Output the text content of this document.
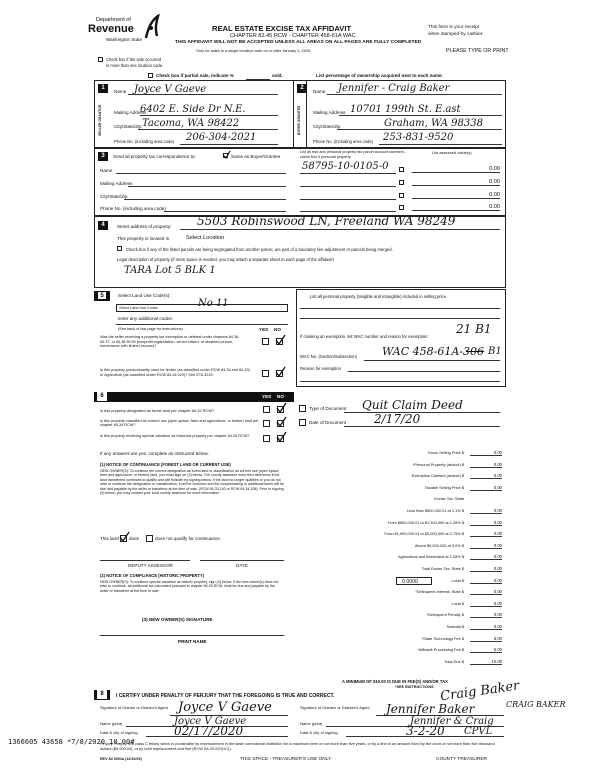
Department of
Revenue
Washington State
REAL ESTATE EXCISE TAX AFFIDAVIT
CHAPTER 82.45 RCW - CHAPTER 458-61A WAC
THIS AFFIDAVIT WILL NOT BE ACCEPTED UNLESS ALL AREAS ON ALL PAGES ARE FULLY COMPLETED
This form is your receipt
when stamped by cashier.
Only for sales in a single location code on or after January 1, 2020.	PLEASE TYPE OR PRINT
Check box if the sale occurred
in more than one location code.
Check box if partial sale, indicate %	sold.	List percentage of ownership acquired next to each name.
1
SELLER GRANTOR
2
BUYER GRANTEE
Name Joyce V Gaeve
Mailing Address
6402 E. Side Dr N.E.
City/State/Zip Tacoma, WA 98422
Phone No. (including area code) 206-304-2021
Name Jennifer - Craig Baker
Mailing Address 10701 199th St. E.ast
City/State/Zip	Graham, WA 98338
Phone No. (including area code) 253-831-9520
3	Send all property tax correspondence to:	Same as Buyer/Grantee
List all real and personal property tax parcel account numbers - check box if personal property
List assessed value(s)
Name
Mailing Address
City/State/Zip
Phone No. (including area code)
58795-10-0105-0	0.00
0.00
0.00
0.00
4	Street address of property: 5503 Robinswood LN, Freeland WA 98249
This property is located in	Select Location
Check box if any of the listed parcels are being segregated from another parcel, are part of a boundary line adjustment or parcels being merged.
Legal description of property (if more space is needed, you may attach a separate sheet to each page of the affidavit)
TARA Lot 5 BLK 1
5	Select Land Use Code(s):
Select Land Use Codes	No 11
enter any additional codes:
(See back of last page for instructions)	YES NO
Was the seller receiving a property tax exemption or deferral under chapters 84.36, 84.37, or 84.38 RCW (nonprofit organization, senior citizen, or disabled person, homeowner with limited income)?
Is this property predominantly used for timber (as classified under RCW 84.34 and 84.33) or agriculture (as classified under RCW 84.34.020)? See ETA 3215
List all personal property (tangible and intangible) included in selling price.
If claiming an exemption, list WAC number and reason for exemption:
21 B1
WAC No. (Section/Subsection) WAC 458-61A-306 B1
Reason for exemption
6	YES NO
Is this property designated as forest land per chapter 84.33 RCW?
Is this property classified as current use (open space, farm and agricultural, or timber) land per chapter 84.34 RCW?
Is this property receiving special valuation as historical property per chapter 84.26 RCW?
If any answers are yes, complete as instructed below.
(1) NOTICE OF CONTINUANCE (FOREST LAND OR CURRENT USE)
NEW OWNER(S): To continue the current designation as forest land or classification as current use (open space, farm and agriculture, or timber) land, you must sign on (3) below. The county assessor must then determine if the land transferred continues to qualify and will indicate by signing below. If the land no longer qualifies or you do not wish to continue the designation or classification, it will be removed and the compensating or additional taxes will be due and payable by the seller or transferor at the time of sale. (RCW 84.33.140 or RCW 84.34.108). Prior to signing (3) below, you may contact your local county assessor for more information.
This land does	does not qualify for continuance.
DEPUTY ASSESSOR	DATE
(2) NOTICE OF COMPLIANCE (HISTORIC PROPERTY)
NEW OWNER(S): To continue special valuation as historic property, sign (3) below. If the new owner(s) does not wish to continue, all additional tax calculated pursuant to chapter 84.26 RCW, shall be due and payable by the seller or transferor at the time of sale.
(3) NEW OWNER(S) SIGNATURE
PRINT NAME
Type of Document Quit Claim Deed
Date of Document 2/17/20
Gross Selling Price $	0.00
*Personal Property (deduct) $	0.00
Exemption Claimed (deduct) $	0.00
Taxable Selling Price $	0.00
Excise Tax: State
Less than $500,000.01 at 1.1% $	0.00
From $500,000.01 to $1,500,000 at 1.28% $	0.00
From $1,500,000.01 to $3,000,000 at 2.75% $	0.00
Above $3,000,000 at 3.0% $	0.00
Agricultural and timberland at 1.28% $	0.00
Total Excise Tax: State $	0.00
Local $	0.00
*Delinquent Interest: State $	0.00
Local $	0.00
*Delinquent Penalty $	0.00
Subtotal $	0.00
*State Technology Fee $	5.00
*Affidavit Processing Fee $	5.00
Total Due $	10.00
0.0000
A MINIMUM OF $10.00 IS DUE IN FEE(S) AND/OR TAX
*SEE INSTRUCTIONS
8	I CERTIFY UNDER PENALTY OF PERJURY THAT THE FOREGOING IS TRUE AND CORRECT.
Signature of Grantor or Grantor's Agent Joyce V Gaeve
Name (print)	Joyce V Gaeve
Date & city of signing	02/17/2020
Signature of Grantee or Grantee's Agent	Jennifer Baker
Name (print)	Jennifer & Craig
Date & city of signing	3-2-20 CPVL
Craig Baker
CRAIG BAKER
Perjury: Perjury is a class C felony which is punishable by imprisonment in the state correctional institution for a maximum term of not more than five years, or by a fine in an amount fixed by the court of not more than five thousand dollars ($5,000.00), or by both imprisonment and fine (RCW 9A.20.020(1C)).
1366605 43658 *7/8/2020 10.00#
REV 84 0001a (12/10/19)	THIS SPACE - TREASURER'S USE ONLY	COUNTY TREASURER
